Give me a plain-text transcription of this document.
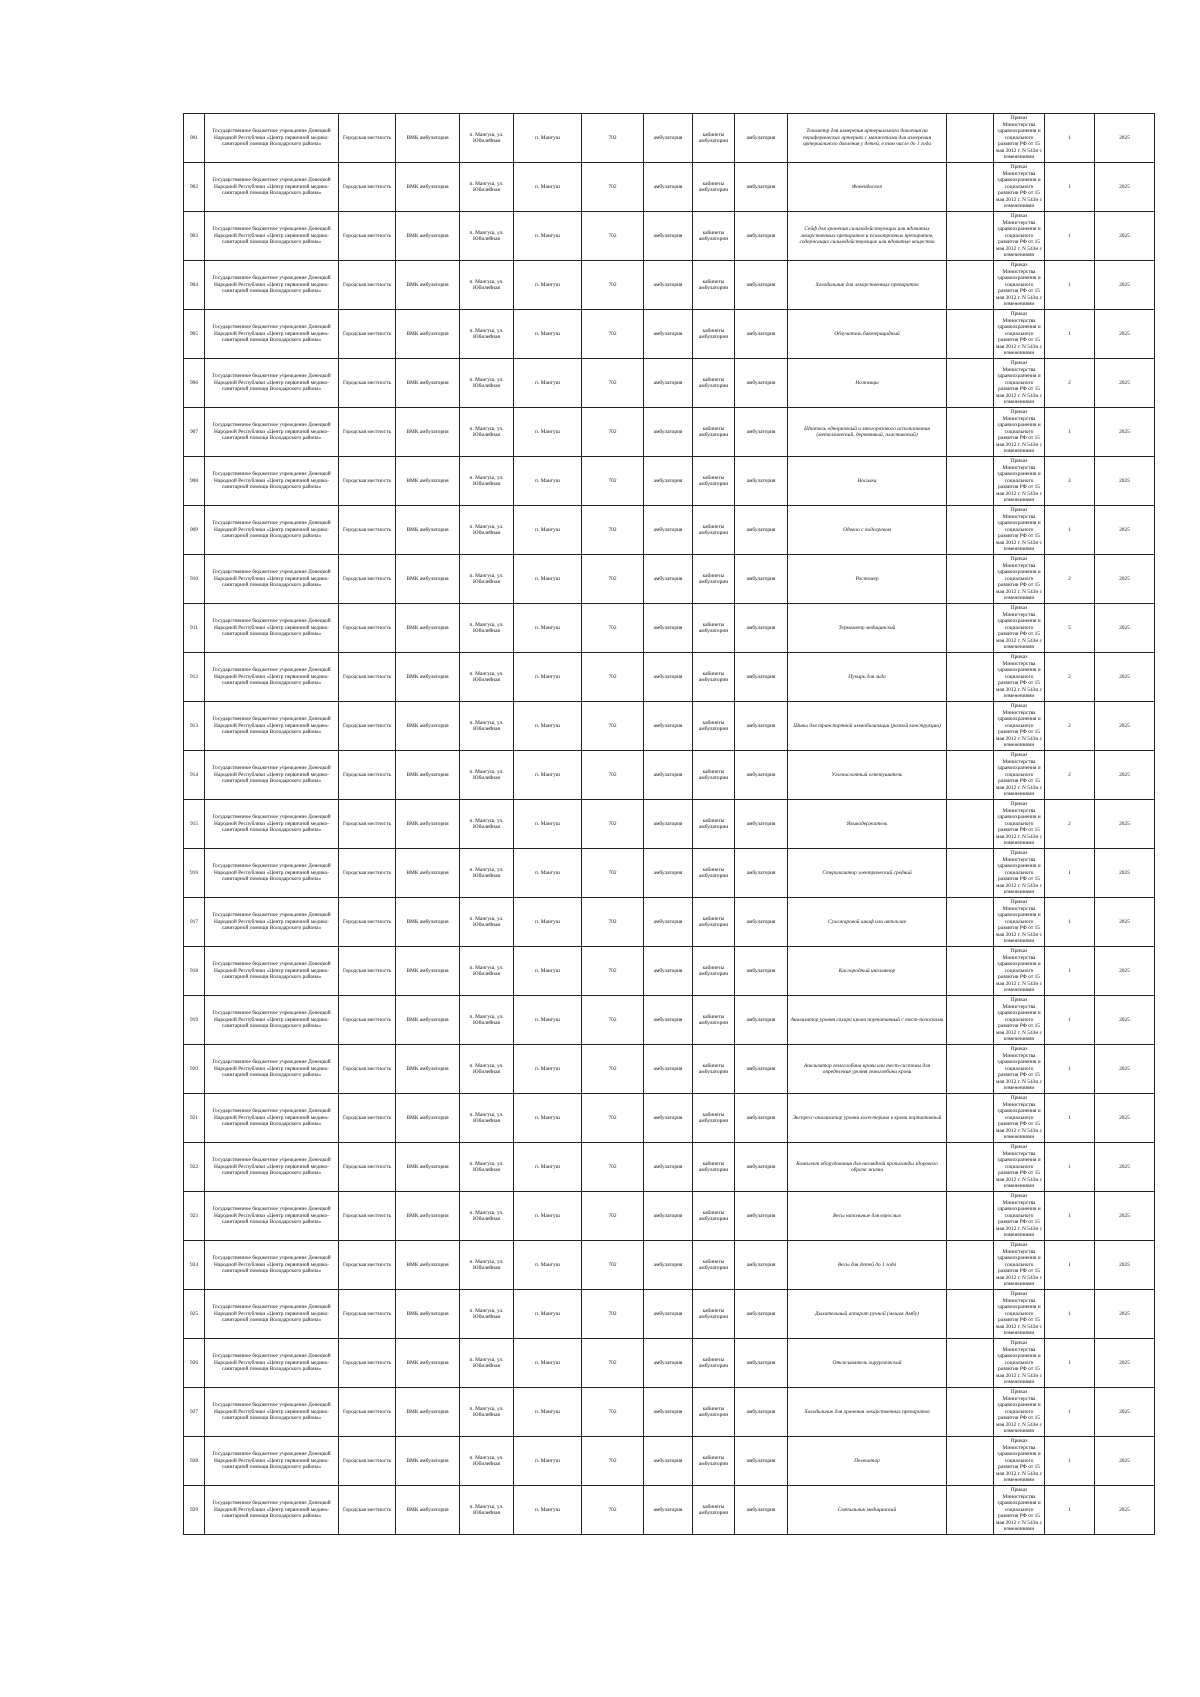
901	Государственное бюджетное учреждение Донецкой Народной Республики «Центр первичной медико-санитарной помощи Володарского района»	Городская местность	ВМК амбулатория	п. Мангуш, ул. Юбилейная	п. Мангуш	702	амбулатория	кабинеты амбулатории	амбулатория	Тонометр для измерения артериального давления на периферических артериях с манжетами для измерения артериального давления у детей, в том числе до 1 года		Приказ Министерства здравоохранения и социального развития РФ от 15 мая 2012 г. N 543н с изменениями	1	2025
902	Государственное бюджетное учреждение Донецкой Народной Республики «Центр первичной медико-санитарной помощи Володарского района»	Городская местность	ВМК амбулатория	п. Мангуш, ул. Юбилейная	п. Мангуш	702	амбулатория	кабинеты амбулатории	амбулатория	Фонендоскоп		Приказ Министерства здравоохранения и социального развития РФ от 15 мая 2012 г. N 543н с изменениями	1	2025
903	Государственное бюджетное учреждение Донецкой Народной Республики «Центр первичной медико-санитарной помощи Володарского района»	Городская местность	ВМК амбулатория	п. Мангуш, ул. Юбилейная	п. Мангуш	702	амбулатория	кабинеты амбулатории	амбулатория	Сейф для хранения сильнодействующих или ядовитых лекарственных препаратов и психотропных препаратов, содержащих сильнодействующие или ядовитые вещества		Приказ Министерства здравоохранения и социального развития РФ от 15 мая 2012 г. N 543н с изменениями	1	2025
904	Государственное бюджетное учреждение Донецкой Народной Республики «Центр первичной медико-санитарной помощи Володарского района»	Городская местность	ВМК амбулатория	п. Мангуш, ул. Юбилейная	п. Мангуш	702	амбулатория	кабинеты амбулатории	амбулатория	Холодильник для лекарственных препаратов		Приказ Министерства здравоохранения и социального развития РФ от 15 мая 2012 г. N 543н с изменениями	1	2025
905	Государственное бюджетное учреждение Донецкой Народной Республики «Центр первичной медико-санитарной помощи Володарского района»	Городская местность	ВМК амбулатория	п. Мангуш, ул. Юбилейная	п. Мангуш	702	амбулатория	кабинеты амбулатории	амбулатория	Облучатель бактерицидный		Приказ Министерства здравоохранения и социального развития РФ от 15 мая 2012 г. N 543н с изменениями	1	2025
906	Государственное бюджетное учреждение Донецкой Народной Республики «Центр первичной медико-санитарной помощи Володарского района»	Городская местность	ВМК амбулатория	п. Мангуш, ул. Юбилейная	п. Мангуш	702	амбулатория	кабинеты амбулатории	амбулатория	Ножницы		Приказ Министерства здравоохранения и социального развития РФ от 15 мая 2012 г. N 543н с изменениями	2	2025
907	Государственное бюджетное учреждение Донецкой Народной Республики «Центр первичной медико-санитарной помощи Володарского района»	Городская местность	ВМК амбулатория	п. Мангуш, ул. Юбилейная	п. Мангуш	702	амбулатория	кабинеты амбулатории	амбулатория	Шпатель одноразовый и многоразового использования (металлический, деревянный, пластиковый)		Приказ Министерства здравоохранения и социального развития РФ от 15 мая 2012 г. N 543н с изменениями	1	2025
908	Государственное бюджетное учреждение Донецкой Народной Республики «Центр первичной медико-санитарной помощи Володарского района»	Городская местность	ВМК амбулатория	п. Мангуш, ул. Юбилейная	п. Мангуш	702	амбулатория	кабинеты амбулатории	амбулатория	Носилки		Приказ Министерства здравоохранения и социального развития РФ от 15 мая 2012 г. N 543н с изменениями	2	2025
909	Государственное бюджетное учреждение Донецкой Народной Республики «Центр первичной медико-санитарной помощи Володарского района»	Городская местность	ВМК амбулатория	п. Мангуш, ул. Юбилейная	п. Мангуш	702	амбулатория	кабинеты амбулатории	амбулатория	Одеяло с подогревом		Приказ Министерства здравоохранения и социального развития РФ от 15 мая 2012 г. N 543н с изменениями	1	2025
910	Государственное бюджетное учреждение Донецкой Народной Республики «Центр первичной медико-санитарной помощи Володарского района»	Городская местность	ВМК амбулатория	п. Мангуш, ул. Юбилейная	п. Мангуш	702	амбулатория	кабинеты амбулатории	амбулатория	Ростомер		Приказ Министерства здравоохранения и социального развития РФ от 15 мая 2012 г. N 543н с изменениями	2	2025
911	Государственное бюджетное учреждение Донецкой Народной Республики «Центр первичной медико-санитарной помощи Володарского района»	Городская местность	ВМК амбулатория	п. Мангуш, ул. Юбилейная	п. Мангуш	702	амбулатория	кабинеты амбулатории	амбулатория	Термометр медицинский		Приказ Министерства здравоохранения и социального развития РФ от 15 мая 2012 г. N 543н с изменениями	5	2025
912	Государственное бюджетное учреждение Донецкой Народной Республики «Центр первичной медико-санитарной помощи Володарского района»	Городская местность	ВМК амбулатория	п. Мангуш, ул. Юбилейная	п. Мангуш	702	амбулатория	кабинеты амбулатории	амбулатория	Пузырь для льда		Приказ Министерства здравоохранения и социального развития РФ от 15 мая 2012 г. N 543н с изменениями	2	2025
913	Государственное бюджетное учреждение Донецкой Народной Республики «Центр первичной медико-санитарной помощи Володарского района»	Городская местность	ВМК амбулатория	п. Мангуш, ул. Юбилейная	п. Мангуш	702	амбулатория	кабинеты амбулатории	амбулатория	Шины для транспортной иммобилизации (разной конструкции)		Приказ Министерства здравоохранения и социального развития РФ от 15 мая 2012 г. N 543н с изменениями	2	2025
914	Государственное бюджетное учреждение Донецкой Народной Республики «Центр первичной медико-санитарной помощи Володарского района»	Городская местность	ВМК амбулатория	п. Мангуш, ул. Юбилейная	п. Мангуш	702	амбулатория	кабинеты амбулатории	амбулатория	Углекислотный огнетушитель		Приказ Министерства здравоохранения и социального развития РФ от 15 мая 2012 г. N 543н с изменениями	2	2025
915	Государственное бюджетное учреждение Донецкой Народной Республики «Центр первичной медико-санитарной помощи Володарского района»	Городская местность	ВМК амбулатория	п. Мангуш, ул. Юбилейная	п. Мангуш	702	амбулатория	кабинеты амбулатории	амбулатория	Языкодержатель		Приказ Министерства здравоохранения и социального развития РФ от 15 мая 2012 г. N 543н с изменениями	2	2025
916	Государственное бюджетное учреждение Донецкой Народной Республики «Центр первичной медико-санитарной помощи Володарского района»	Городская местность	ВМК амбулатория	п. Мангуш, ул. Юбилейная	п. Мангуш	702	амбулатория	кабинеты амбулатории	амбулатория	Стерилизатор электрический средний		Приказ Министерства здравоохранения и социального развития РФ от 15 мая 2012 г. N 543н с изменениями	1	2025
917	Государственное бюджетное учреждение Донецкой Народной Республики «Центр первичной медико-санитарной помощи Володарского района»	Городская местность	ВМК амбулатория	п. Мангуш, ул. Юбилейная	п. Мангуш	702	амбулатория	кабинеты амбулатории	амбулатория	Сухожаровой шкаф или автоклав		Приказ Министерства здравоохранения и социального развития РФ от 15 мая 2012 г. N 543н с изменениями	1	2025
918	Государственное бюджетное учреждение Донецкой Народной Республики «Центр первичной медико-санитарной помощи Володарского района»	Городская местность	ВМК амбулатория	п. Мангуш, ул. Юбилейная	п. Мангуш	702	амбулатория	кабинеты амбулатории	амбулатория	Кислородный ингалятор		Приказ Министерства здравоохранения и социального развития РФ от 15 мая 2012 г. N 543н с изменениями	1	2025
919	Государственное бюджетное учреждение Донецкой Народной Республики «Центр первичной медико-санитарной помощи Володарского района»	Городская местность	ВМК амбулатория	п. Мангуш, ул. Юбилейная	п. Мангуш	702	амбулатория	кабинеты амбулатории	амбулатория	Анализатор уровня сахара крови портативный с тест-полосками		Приказ Министерства здравоохранения и социального развития РФ от 15 мая 2012 г. N 543н с изменениями	1	2025
920	Государственное бюджетное учреждение Донецкой Народной Республики «Центр первичной медико-санитарной помощи Володарского района»	Городская местность	ВМК амбулатория	п. Мангуш, ул. Юбилейная	п. Мангуш	702	амбулатория	кабинеты амбулатории	амбулатория	Анализатор гемоглобина крови или тест-системы для определения уровня гемоглобина крови		Приказ Министерства здравоохранения и социального развития РФ от 15 мая 2012 г. N 543н с изменениями	1	2025
921	Государственное бюджетное учреждение Донецкой Народной Республики «Центр первичной медико-санитарной помощи Володарского района»	Городская местность	ВМК амбулатория	п. Мангуш, ул. Юбилейная	п. Мангуш	702	амбулатория	кабинеты амбулатории	амбулатория	Экспресс-анализатор уровня холестерина в крови портативный		Приказ Министерства здравоохранения и социального развития РФ от 15 мая 2012 г. N 543н с изменениями	1	2025
922	Государственное бюджетное учреждение Донецкой Народной Республики «Центр первичной медико-санитарной помощи Володарского района»	Городская местность	ВМК амбулатория	п. Мангуш, ул. Юбилейная	п. Мангуш	702	амбулатория	кабинеты амбулатории	амбулатория	Комплект оборудования для наглядной пропаганды здорового образа жизни		Приказ Министерства здравоохранения и социального развития РФ от 15 мая 2012 г. N 543н с изменениями	1	2025
923	Государственное бюджетное учреждение Донецкой Народной Республики «Центр первичной медико-санитарной помощи Володарского района»	Городская местность	ВМК амбулатория	п. Мангуш, ул. Юбилейная	п. Мангуш	702	амбулатория	кабинеты амбулатории	амбулатория	Весы напольные для взрослых		Приказ Министерства здравоохранения и социального развития РФ от 15 мая 2012 г. N 543н с изменениями	1	2025
924	Государственное бюджетное учреждение Донецкой Народной Республики «Центр первичной медико-санитарной помощи Володарского района»	Городская местность	ВМК амбулатория	п. Мангуш, ул. Юбилейная	п. Мангуш	702	амбулатория	кабинеты амбулатории	амбулатория	Весы для детей до 1 года		Приказ Министерства здравоохранения и социального развития РФ от 15 мая 2012 г. N 543н с изменениями	1	2025
925	Государственное бюджетное учреждение Донецкой Народной Республики «Центр первичной медико-санитарной помощи Володарского района»	Городская местность	ВМК амбулатория	п. Мангуш, ул. Юбилейная	п. Мангуш	702	амбулатория	кабинеты амбулатории	амбулатория	Дыхательный аппарат ручной (мешок Амбу)		Приказ Министерства здравоохранения и социального развития РФ от 15 мая 2012 г. N 543н с изменениями	1	2025
926	Государственное бюджетное учреждение Донецкой Народной Республики «Центр первичной медико-санитарной помощи Володарского района»	Городская местность	ВМК амбулатория	п. Мангуш, ул. Юбилейная	п. Мангуш	702	амбулатория	кабинеты амбулатории	амбулатория	Отсасыватель хирургический		Приказ Министерства здравоохранения и социального развития РФ от 15 мая 2012 г. N 543н с изменениями	1	2025
927	Государственное бюджетное учреждение Донецкой Народной Республики «Центр первичной медико-санитарной помощи Володарского района»	Городская местность	ВМК амбулатория	п. Мангуш, ул. Юбилейная	п. Мангуш	702	амбулатория	кабинеты амбулатории	амбулатория	Холодильник для хранения лекарственных препаратов		Приказ Министерства здравоохранения и социального развития РФ от 15 мая 2012 г. N 543н с изменениями	1	2025
928	Государственное бюджетное учреждение Донецкой Народной Республики «Центр первичной медико-санитарной помощи Володарского района»	Городская местность	ВМК амбулатория	п. Мангуш, ул. Юбилейная	п. Мангуш	702	амбулатория	кабинеты амбулатории	амбулатория	Пеленатор		Приказ Министерства здравоохранения и социального развития РФ от 15 мая 2012 г. N 543н с изменениями	1	2025
929	Государственное бюджетное учреждение Донецкой Народной Республики «Центр первичной медико-санитарной помощи Володарского района»	Городская местность	ВМК амбулатория	п. Мангуш, ул. Юбилейная	п. Мангуш	702	амбулатория	кабинеты амбулатории	амбулатория	Светильник медицинский		Приказ Министерства здравоохранения и социального развития РФ от 15 мая 2012 г. N 543н с изменениями	1	2025
